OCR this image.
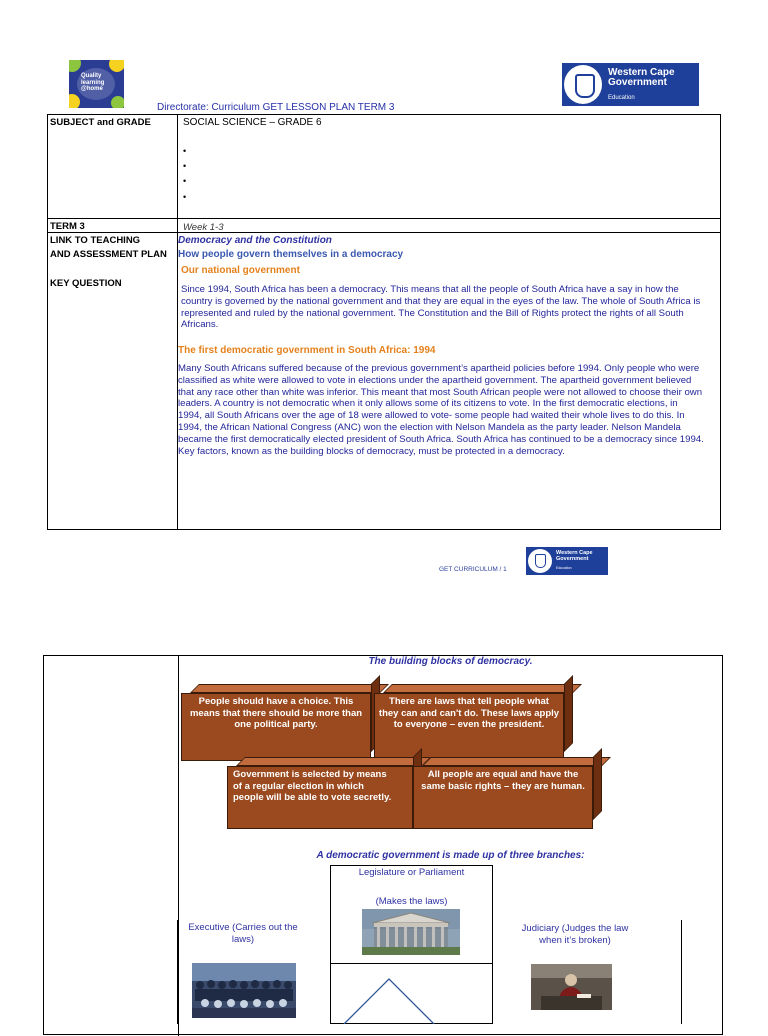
Quality
learning
@home
Western Cape
Government
Education
Directorate: Curriculum GET LESSON PLAN TERM 3
SUBJECT and GRADE	SOCIAL SCIENCE – GRADE 6
•
•
•
•
TERM 3	Week 1-3
LINK TO TEACHING
AND ASSESSMENT PLAN
KEY QUESTION
Democracy and the Constitution
How people govern themselves in a democracy
Our national government
Since 1994, South Africa has been a democracy. This means that all the people of South Africa have a say in how the country is governed by the national government and that they are equal in the eyes of the law. The whole of South Africa is represented and ruled by the national government. The Constitution and the Bill of Rights protect the rights of all South Africans.
The first democratic government in South Africa: 1994
Many South Africans suffered because of the previous government’s apartheid policies before 1994. Only people who were classified as white were allowed to vote in elections under the apartheid government. The apartheid government believed that any race other than white was inferior. This meant that most South African people were not allowed to choose their own leaders. A country is not democratic when it only allows some of its citizens to vote. In the first democratic elections, in 1994, all South Africans over the age of 18 were allowed to vote- some people had waited their whole lives to do this. In 1994, the African National Congress (ANC) won the election with Nelson Mandela as the party leader. Nelson Mandela became the first democratically elected president of South Africa. South Africa has continued to be a democracy since 1994. Key factors, known as the building blocks of democracy, must be protected in a democracy.
GET CURRICULUM / 1
Western Cape
Government
Education
The building blocks of democracy.
People should have a choice. This means that there should be more than one political party.
There are laws that tell people what they can and can't do. These laws apply to everyone – even the president.
Government is selected by means of a regular election in which people will be able to vote secretly.
All people are equal and have the same basic rights – they are human.
A democratic government is made up of three branches:
Legislature or Parliament
(Makes the laws)
Executive (Carries out the laws)
Judiciary (Judges the law when it’s broken)
